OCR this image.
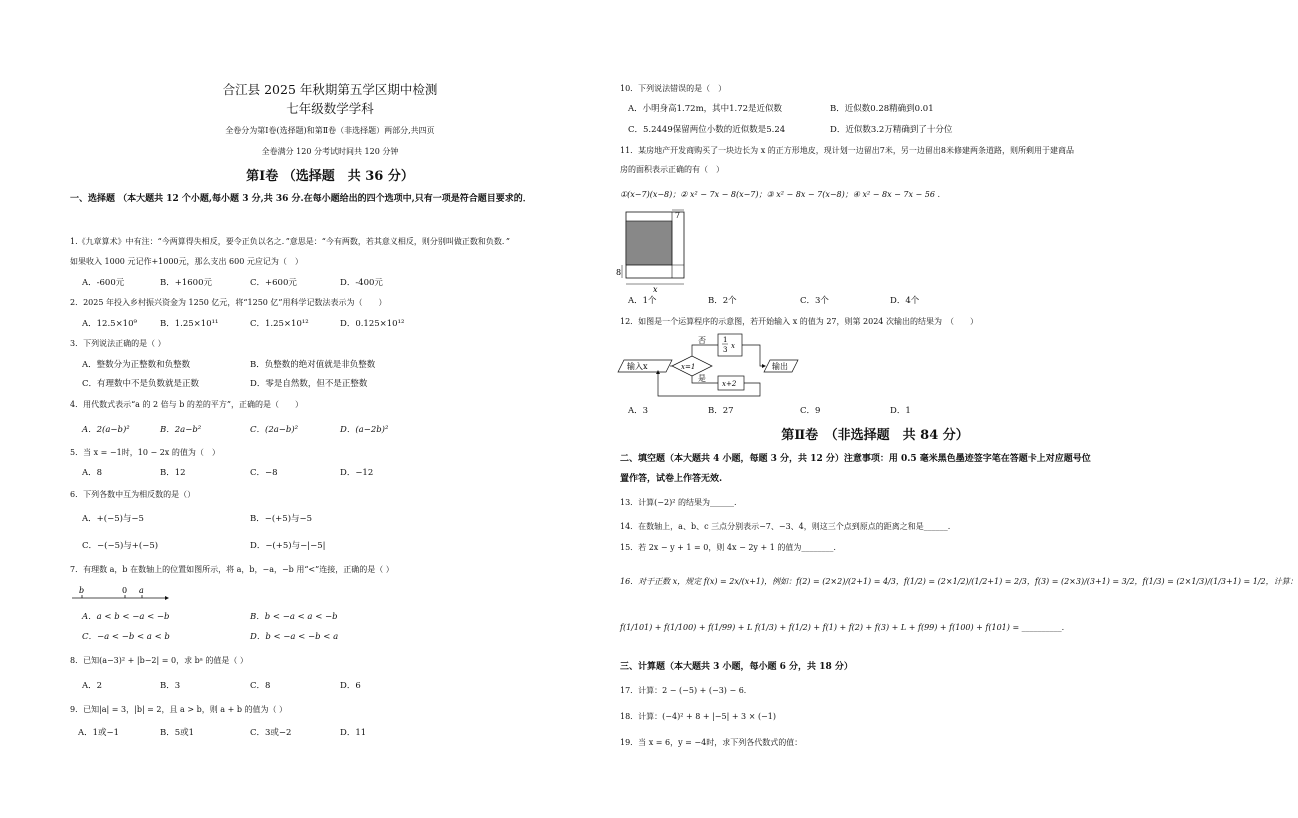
合江县 2025 年秋期第五学区期中检测
七年级数学学科
全卷分为第Ⅰ卷(选择题)和第Ⅱ卷（非选择题）两部分,共四页
全卷满分 120 分考试时间共 120 分钟
第Ⅰ卷 （选择题　共 36 分）
一、选择题 （本大题共 12 个小题,每小题 3 分,共 36 分.在每小题给出的四个选项中,只有一项是符合题目要求的．
1.《九章算术》中有注：“今两算得失相反，要令正负以名之．”意思是：“今有两数，若其意义相反，则分别叫做正数和负数．”
如果收入 1000 元记作+1000元，那么支出 600 元应记为（　）
A．-600元	B．+1600元	C．+600元	D．-400元
2．2025 年投入乡村振兴资金为 1250 亿元，将“1250 亿”用科学记数法表示为（　　）
A．12.5×10⁹	B．1.25×10¹¹	C．1.25×10¹²	D．0.125×10¹²
3．下列说法正确的是（ ）
A．整数分为正整数和负整数	B．负整数的绝对值就是非负整数
C．有理数中不是负数就是正数	D．零是自然数，但不是正整数
4．用代数式表示“a 的 2 倍与 b 的差的平方”，正确的是（　　）
A．2(a−b)²	B．2a−b²	C．(2a−b)²	D．(a−2b)²
5．当 x = −1时，10 − 2x 的值为（　）
A．8	B．12	C．−8	D．−12
6．下列各数中互为相反数的是（）
A．+(−5)与−5	B．−(+5)与−5
C．−(−5)与+(−5)	D．−(+5)与−|−5|
7．有理数 a，b 在数轴上的位置如图所示，将 a，b，−a，−b 用“<”连接，正确的是（ ）
b	0 a
A．a < b < −a < −b	B．b < −a < a < −b
C．−a < −b < a < b	D．b < −a < −b < a
8．已知(a−3)² + |b−2| = 0，求 bᵃ 的值是（ ）
A．2	B．3	C．8	D．6
9．已知|a| = 3，|b| = 2，且 a > b，则 a + b 的值为（ ）
A．1或−1	B．5或1	C．3或−2	D．11
10．下列说法错误的是（　）
A．小明身高1.72m，其中1.72是近似数	B．近似数0.28精确到0.01
C．5.2449保留两位小数的近似数是5.24	D．近似数3.2万精确到了十分位
11．某房地产开发商购买了一块边长为 x 的正方形地皮，现计划一边留出7米，另一边留出8米修建两条道路，则所剩用于建商品
房的面积表示正确的有（　）
①(x−7)(x−8)；② x² − 7x − 8(x−7)；③ x² − 8x − 7(x−8)；④ x² − 8x − 7x − 56 .
7
8
x
A．1个	B．2个	C．3个	D．4个
12．如图是一个运算程序的示意图，若开始输入 x 的值为 27，则第 2024 次输出的结果为　（　　）
输入x	x=1
否
是
1
3 x
x+2
输出
A．3	B．27	C．9	D．1
第Ⅱ卷　（非选择题　共 84 分）
二、填空题（本大题共 4 小题，每题 3 分，共 12 分）注意事项：用 0.5 毫米黑色墨迹签字笔在答题卡上对应题号位
置作答，试卷上作答无效.
13．计算(−2)² 的结果为______.
14．在数轴上，a、b、c 三点分别表示−7、−3、4，则这三个点到原点的距离之和是______.
15．若 2x − y + 1 = 0，则 4x − 2y + 1 的值为________.
16．对于正数 x，规定 f(x) = 2x/(x+1)，例如：f(2) = (2×2)/(2+1) = 4/3，f(1/2) = (2×1/2)/(1/2+1) = 2/3，f(3) = (2×3)/(3+1) = 3/2，f(1/3) = (2×1/3)/(1/3+1) = 1/2，计算：
f(1/101) + f(1/100) + f(1/99) + L f(1/3) + f(1/2) + f(1) + f(2) + f(3) + L + f(99) + f(100) + f(101) = __________.
三、计算题（本大题共 3 小题，每小题 6 分，共 18 分）
17．计算：2 − (−5) + (−3) − 6．
18．计算：(−4)² + 8 + |−5| + 3 × (−1)
19．当 x = 6，y = −4时，求下列各代数式的值：
